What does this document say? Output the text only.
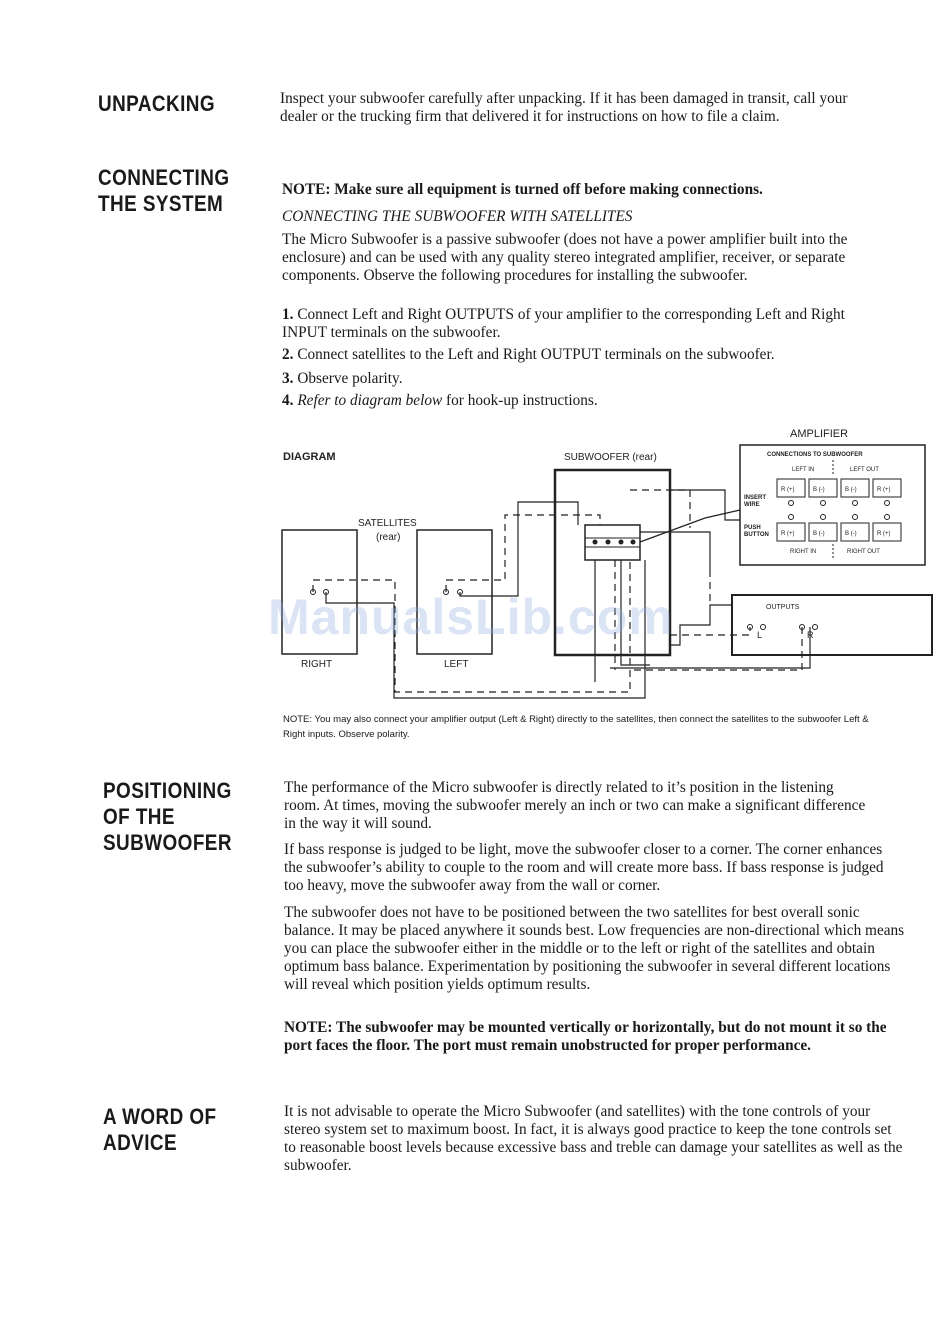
UNPACKING	Inspect your subwoofer carefully after unpacking. If it has been damaged in transit, call your dealer or the trucking firm that delivered it for instructions on how to file a claim.

CONNECTING
THE SYSTEM

NOTE: Make sure all equipment is turned off before making connections.

CONNECTING THE SUBWOOFER WITH SATELLITES

The Micro Subwoofer is a passive subwoofer (does not have a power amplifier built into the enclosure) and can be used with any quality stereo integrated amplifier, receiver, or separate components. Observe the following procedures for installing the subwoofer.

1. Connect Left and Right OUTPUTS of your amplifier to the corresponding Left and Right INPUT terminals on the subwoofer.

2. Connect satellites to the Left and Right OUTPUT terminals on the subwoofer.

3. Observe polarity.

4. Refer to diagram below for hook-up instructions.

DIAGRAM
AMPLIFIER
SUBWOOFER (rear)
SATELLITES
(rear)
RIGHT	LEFT
CONNECTIONS TO SUBWOOFER
LEFT IN	LEFT OUT
INSERT
WIRE
PUSH
BUTTON
R (+)	B (-)	B (-)	R (+)
R (+)	B (-)	B (-)	R (+)
RIGHT IN	RIGHT OUT
OUTPUTS
L	R
ManualsLib.com
NOTE: You may also connect your amplifier output (Left & Right) directly to the satellites, then connect the satellites to the subwoofer Left & Right inputs. Observe polarity.
POSITIONING
OF THE
SUBWOOFER

The performance of the Micro subwoofer is directly related to it’s position in the listening room. At times, moving the subwoofer merely an inch or two can make a significant difference in the way it will sound.

If bass response is judged to be light, move the subwoofer closer to a corner. The corner enhances the subwoofer’s ability to couple to the room and will create more bass. If bass response is judged too heavy, move the subwoofer away from the wall or corner.

The subwoofer does not have to be positioned between the two satellites for best overall sonic balance. It may be placed anywhere it sounds best. Low frequencies are non-directional which means you can place the subwoofer either in the middle or to the left or right of the satellites and obtain optimum bass balance. Experimentation by positioning the subwoofer in several different locations will reveal which position yields optimum results.

NOTE: The subwoofer may be mounted vertically or horizontally, but do not mount it so the port faces the floor. The port must remain unobstructed for proper performance.

A WORD OF
ADVICE

It is not advisable to operate the Micro Subwoofer (and satellites) with the tone controls of your stereo system set to maximum boost. In fact, it is always good practice to keep the tone controls set to reasonable boost levels because excessive bass and treble can damage your satellites as well as the subwoofer.
